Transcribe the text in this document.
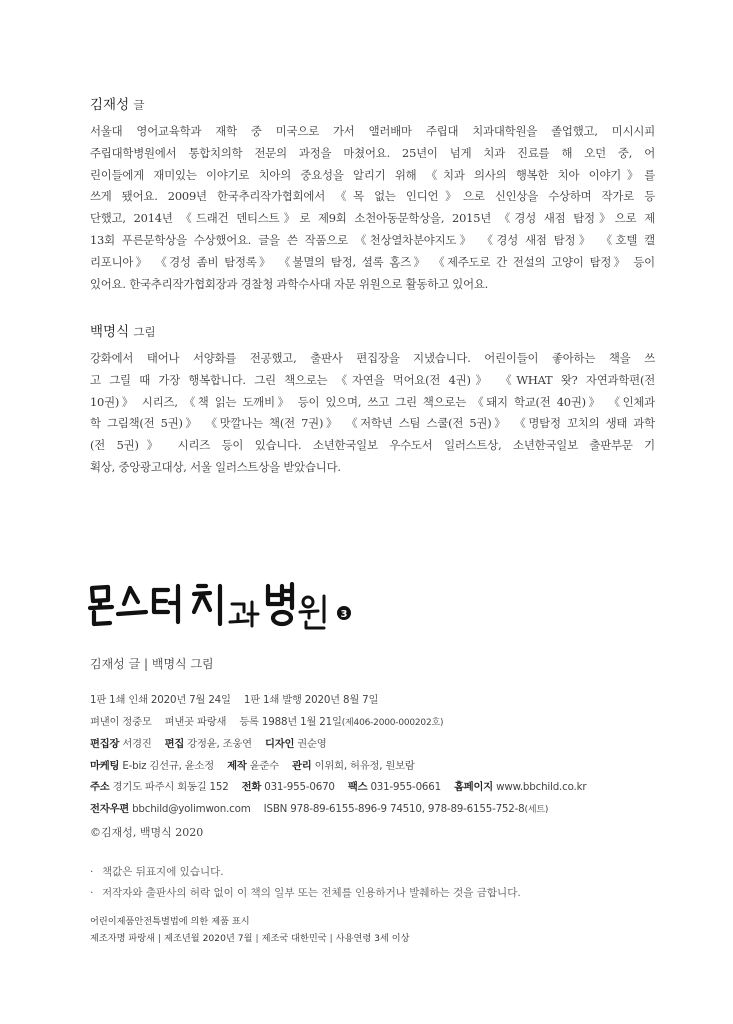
김재성 글
서울대 영어교육학과 재학 중 미국으로 가서 앨러배마 주립대 치과대학원을 졸업했고, 미시시피
주립대학병원에서 통합치의학 전문의 과정을 마쳤어요. 25년이 넘게 치과 진료를 해 오던 중, 어
린이들에게 재미있는 이야기로 치아의 중요성을 알리기 위해 《치과 의사의 행복한 치아 이야기》를
쓰게 됐어요. 2009년 한국추리작가협회에서 《목 없는 인디언》으로 신인상을 수상하며 작가로 등
단했고, 2014년 《드래건 덴티스트》로 제9회 소천아동문학상을, 2015년 《경성 새점 탐정》으로 제
13회 푸른문학상을 수상했어요. 글을 쓴 작품으로 《천상열차분야지도》 《경성 새점 탐정》 《호텔 캘
리포니아》 《경성 좀비 탐정록》 《불멸의 탐정, 셜록 홈즈》 《제주도로 간 전설의 고양이 탐정》 등이
있어요. 한국추리작가협회장과 경찰청 과학수사대 자문 위원으로 활동하고 있어요.
백명식 그림
강화에서 태어나 서양화를 전공했고, 출판사 편집장을 지냈습니다. 어린이들이 좋아하는 책을 쓰
고 그릴 때 가장 행복합니다. 그린 책으로는 《자연을 먹어요(전 4권)》 《WHAT 왓? 자연과학편(전
10권)》 시리즈, 《책 읽는 도깨비》 등이 있으며, 쓰고 그린 책으로는 《돼지 학교(전 40권)》 《인체과
학 그림책(전 5권)》 《맛깔나는 책(전 7권)》 《저학년 스팀 스쿨(전 5권)》 《명탐정 꼬치의 생태 과학
(전 5권)》 시리즈 등이 있습니다. 소년한국일보 우수도서 일러스트상, 소년한국일보 출판부문 기
획상, 중앙광고대상, 서울 일러스트상을 받았습니다.
3
김재성 글 | 백명식 그림
1판 1쇄 인쇄 2020년 7월 24일 1판 1쇄 발행 2020년 8월 7일
펴낸이 정중모 펴낸곳 파랑새 등록 1988년 1월 21일(제406-2000-000202호)
편집장 서경진 편집 강정윤, 조웅연 디자인 권순영
마케팅 E-biz 김선규, 윤소정 제작 윤준수 관리 이위희, 허유정, 원보람
주소 경기도 파주시 회동길 152 전화 031-955-0670 팩스 031-955-0661 홈페이지 www.bbchild.co.kr
전자우편 bbchild@yolimwon.com ISBN 978-89-6155-896-9 74510, 978-89-6155-752-8(세트)
©김재성, 백명식 2020
· 책값은 뒤표지에 있습니다.
· 저작자와 출판사의 허락 없이 이 책의 일부 또는 전체를 인용하거나 발췌하는 것을 금합니다.
어린이제품안전특별법에 의한 제품 표시
제조자명 파랑새 | 제조년월 2020년 7월 | 제조국 대한민국 | 사용연령 3세 이상
